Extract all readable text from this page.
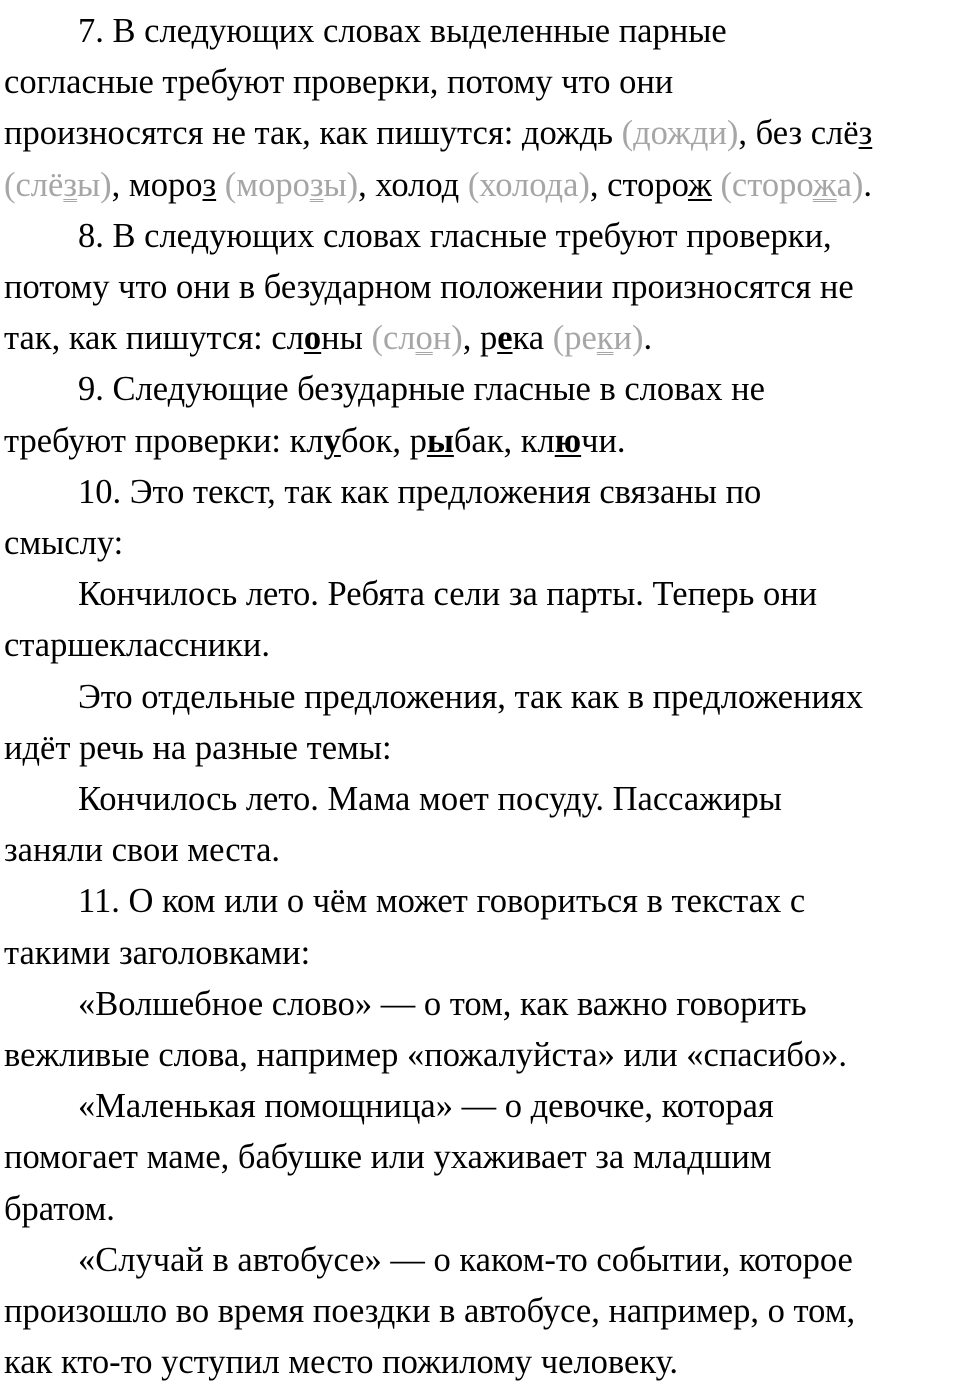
7. В следующих словах выделенные парные
согласные требуют проверки, потому что они
произносятся не так, как пишутся: дождь (дожди), без слёз
(слёзы), мороз (морозы), холод (холода), сторож (сторожа).

8. В следующих словах гласные требуют проверки,
потому что они в безударном положении произносятся не
так, как пишутся: слоны (слон), река (реки).

9. Следующие безударные гласные в словах не
требуют проверки: клубок, рыбак, ключи.

10. Это текст, так как предложения связаны по
смыслу:

Кончилось лето. Ребята сели за парты. Теперь они
старшеклассники.

Это отдельные предложения, так как в предложениях
идёт речь на разные темы:

Кончилось лето. Мама моет посуду. Пассажиры
заняли свои места.

11. О ком или о чём может говориться в текстах с
такими заголовками:

«Волшебное слово» — о том, как важно говорить
вежливые слова, например «пожалуйста» или «спасибо».

«Маленькая помощница» — о девочке, которая
помогает маме, бабушке или ухаживает за младшим
братом.

«Случай в автобусе» — о каком-то событии, которое
произошло во время поездки в автобусе, например, о том,
как кто-то уступил место пожилому человеку.
